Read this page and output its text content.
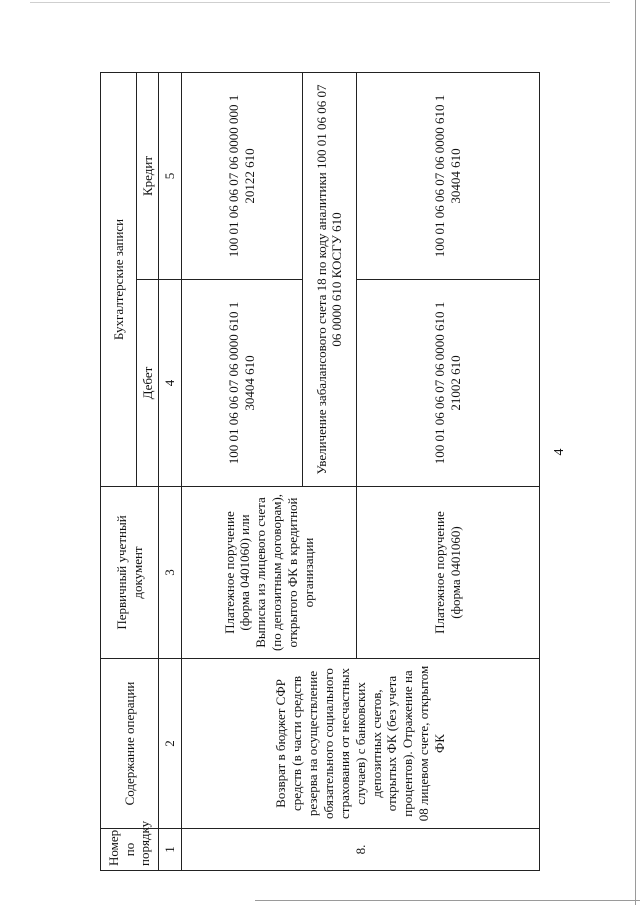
4
Номер по порядку	Содержание операции	Первичный учетный документ	Бухгалтерские записи	
			Дебет	Кредит
1	2	3	4	5
8.	Возврат в бюджет СФР средств (в части средств резерва на осуществление обязательного социального страхования от несчастных случаев) с банковских депозитных счетов, открытых ФК (без учета процентов). Отражение на 08 лицевом счете, открытом ФК	Платежное поручение (форма 0401060) или Выписка из лицевого счета (по депозитным договорам), открытого ФК в кредитной организации	100 01 06 06 07 06 0000 610 1 30404 610	100 01 06 06 07 06 0000 000 1 20122 610
			Увеличение забалансового счета 18 по коду аналитики 100 01 06 06 07 06 0000 610 КОСГУ 610	
		Платежное поручение (форма 0401060)	100 01 06 06 07 06 0000 610 1 21002 610	100 01 06 06 07 06 0000 610 1 30404 610
